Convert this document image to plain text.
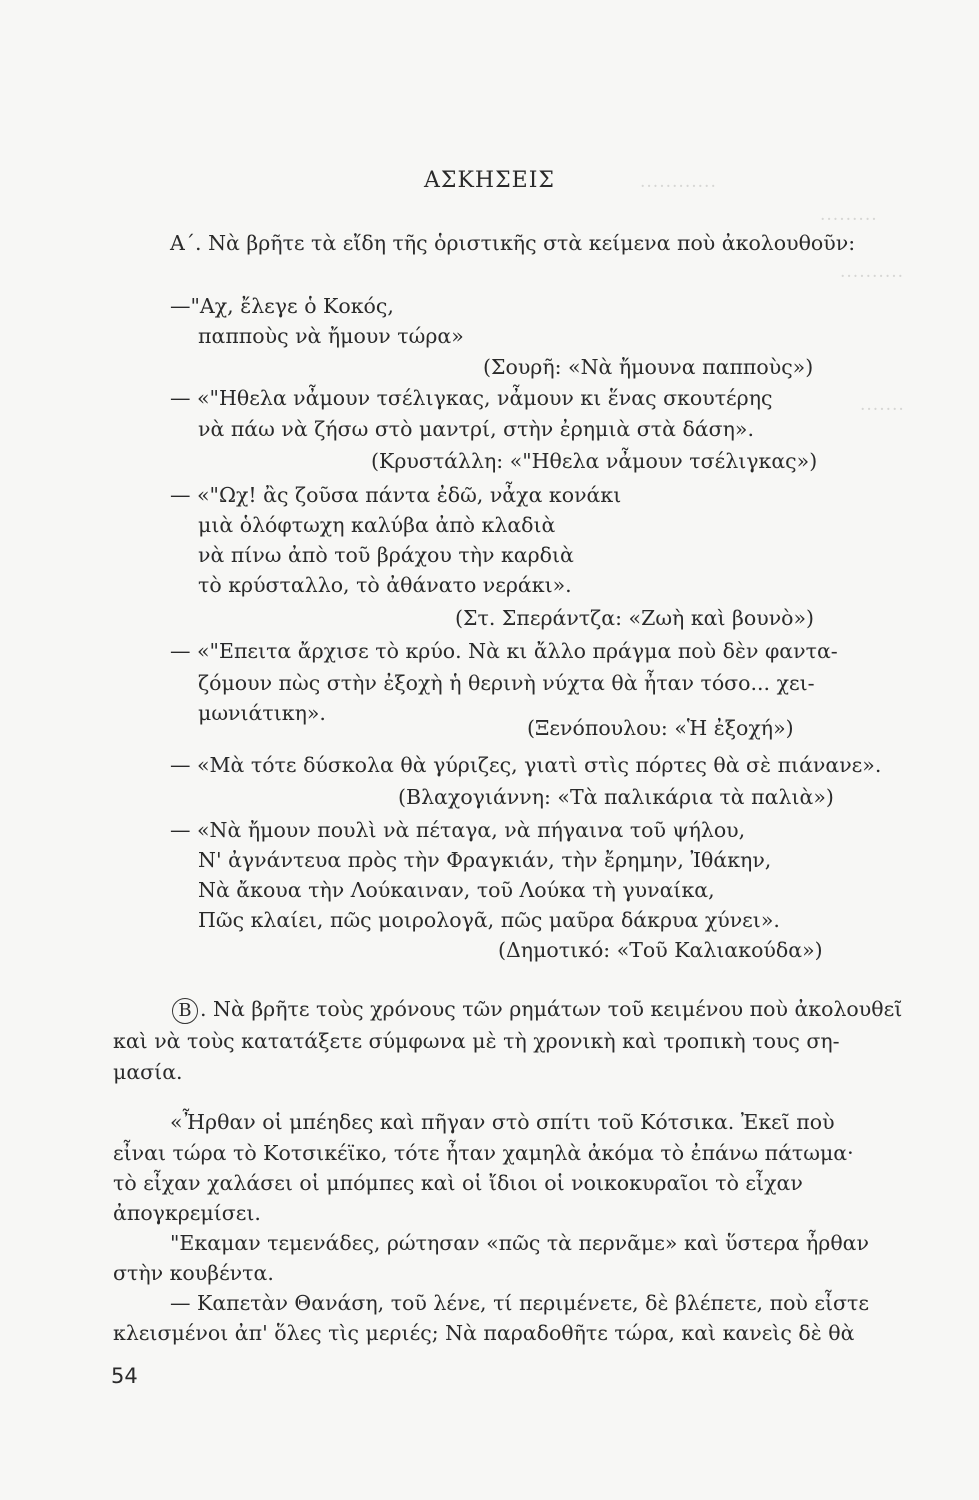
............
.........
..........
.......
ΑΣΚΗΣΕΙΣ
Α΄. Νὰ βρῆτε τὰ εἴδη τῆς ὁριστικῆς στὰ κείμενα ποὺ ἀκολουθοῦν:
—"Αχ, ἔλεγε ὁ Κοκός,
παπποὺς νὰ ἤμουν τώρα»
(Σουρῆ: «Νὰ ἤμουνα παπποὺς»)
— «"Ηθελα νἆμουν τσέλιγκας, νἆμουν κι ἕνας σκουτέρης
νὰ πάω νὰ ζήσω στὸ μαντρί, στὴν ἐρημιὰ στὰ δάση».
(Κρυστάλλη: «"Ηθελα νἆμουν τσέλιγκας»)
— «"Ωχ! ἂς ζοῦσα πάντα ἐδῶ, νἆχα κονάκι
μιὰ ὁλόφτωχη καλύβα ἀπὸ κλαδιὰ
νὰ πίνω ἀπὸ τοῦ βράχου τὴν καρδιὰ
τὸ κρύσταλλο, τὸ ἀθάνατο νεράκι».
(Στ. Σπεράντζα: «Ζωὴ καὶ βουνὸ»)
— «"Επειτα ἄρχισε τὸ κρύο. Νὰ κι ἄλλο πράγμα ποὺ δὲν φαντα-
ζόμουν πὼς στὴν ἐξοχὴ ἡ θερινὴ νύχτα θὰ ἦταν τόσο... χει-
μωνιάτικη».
(Ξενόπουλου: «Ἡ ἐξοχή»)
— «Μὰ τότε δύσκολα θὰ γύριζες, γιατὶ στὶς πόρτες θὰ σὲ πιάνανε».
(Βλαχογιάννη: «Τὰ παλικάρια τὰ παλιὰ»)
— «Νὰ ἤμουν πουλὶ νὰ πέταγα, νὰ πήγαινα τοῦ ψήλου,
Ν' ἀγνάντευα πρὸς τὴν Φραγκιάν, τὴν ἔρημην, Ἰθάκην,
Νὰ ἄκουα τὴν Λούκαιναν, τοῦ Λούκα τὴ γυναίκα,
Πῶς κλαίει, πῶς μοιρολογᾶ, πῶς μαῦρα δάκρυα χύνει».
(Δημοτικό: «Τοῦ Καλιακούδα»)
Β . Νὰ βρῆτε τοὺς χρόνους τῶν ρημάτων τοῦ κειμένου ποὺ ἀκολουθεῖ
καὶ νὰ τοὺς κατατάξετε σύμφωνα μὲ τὴ χρονικὴ καὶ τροπικὴ τους ση-
μασία.
«Ἦρθαν οἱ μπέηδες καὶ πῆγαν στὸ σπίτι τοῦ Κότσικα. Ἐκεῖ ποὺ
εἶναι τώρα τὸ Κοτσικέϊκο, τότε ἦταν χαμηλὰ ἀκόμα τὸ ἐπάνω πάτωμα·
τὸ εἶχαν χαλάσει οἱ μπόμπες καὶ οἱ ἴδιοι οἱ νοικοκυραῖοι τὸ εἶχαν
ἀπογκρεμίσει.
"Εκαμαν τεμενάδες, ρώτησαν «πῶς τὰ περνᾶμε» καὶ ὕστερα ἦρθαν
στὴν κουβέντα.
— Καπετὰν Θανάση, τοῦ λένε, τί περιμένετε, δὲ βλέπετε, ποὺ εἶστε
κλεισμένοι ἀπ' ὅλες τὶς μεριές; Νὰ παραδοθῆτε τώρα, καὶ κανεὶς δὲ θὰ
54
